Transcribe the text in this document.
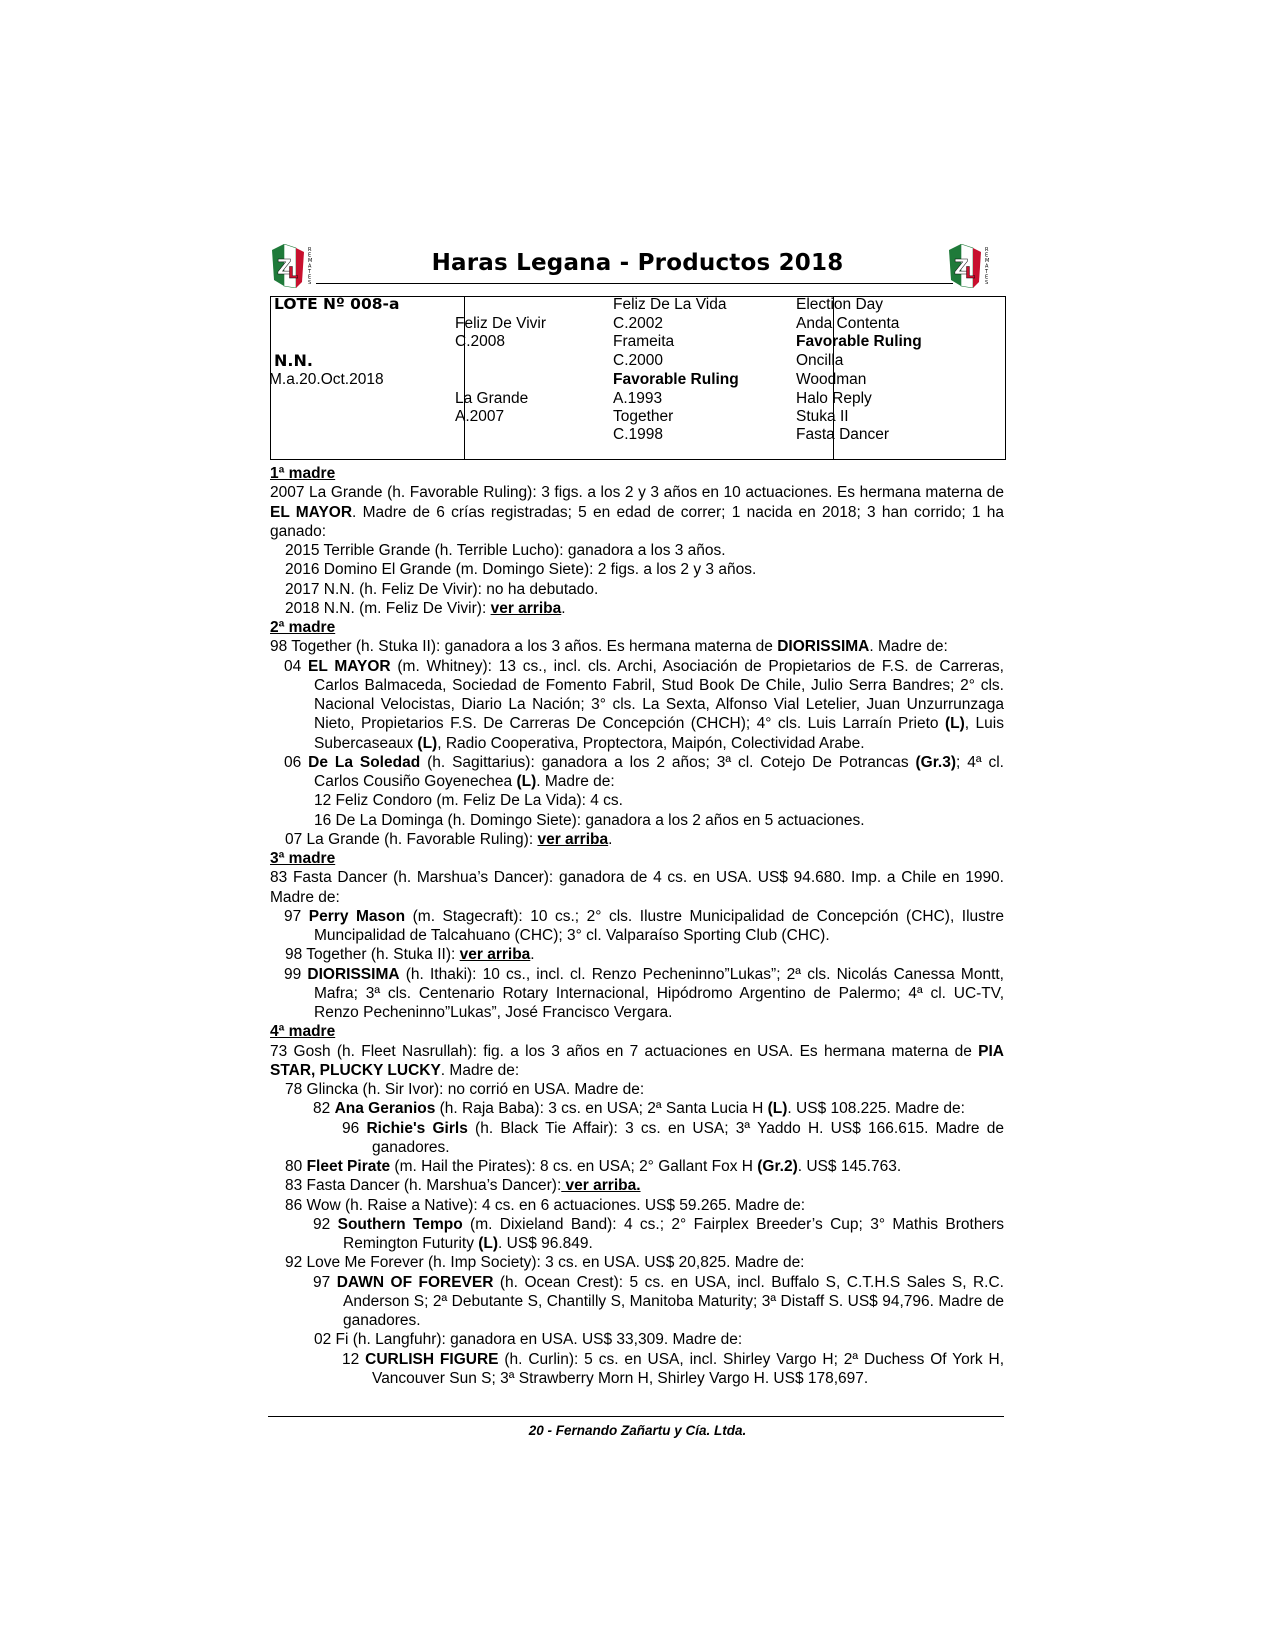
Z
L
R
E
M
A
T
E
S
Z
L
R
E
M
A
T
E
S
Haras Legana - Productos 2018
LOTE Nº 008-a
N.N.
M.a.20.Oct.2018
Feliz De Vivir
C.2008
La Grande
A.2007
Feliz De La Vida
C.2002
Frameita
C.2000
Favorable Ruling
A.1993
Together
C.1998
Election Day
Anda Contenta
Favorable Ruling
Oncilla
Woodman
Halo Reply
Stuka II
Fasta Dancer

1ª madre

2007 La Grande (h. Favorable Ruling): 3 figs. a los 2 y 3 años en 10 actuaciones. Es hermana materna de EL MAYOR. Madre de 6 crías registradas; 5 en edad de correr; 1 nacida en 2018; 3 han corrido; 1 ha ganado:

2015 Terrible Grande (h. Terrible Lucho): ganadora a los 3 años.

2016 Domino El Grande (m. Domingo Siete): 2 figs. a los 2 y 3 años.

2017 N.N. (h. Feliz De Vivir): no ha debutado.

2018 N.N. (m. Feliz De Vivir): ver arriba.

2ª madre

98 Together (h. Stuka II): ganadora a los 3 años. Es hermana materna de DIORISSIMA. Madre de:

04 EL MAYOR (m. Whitney): 13 cs., incl. cls. Archi, Asociación de Propietarios de F.S. de Carreras, Carlos Balmaceda, Sociedad de Fomento Fabril, Stud Book De Chile, Julio Serra Bandres; 2° cls. Nacional Velocistas, Diario La Nación; 3° cls. La Sexta, Alfonso Vial Letelier, Juan Unzurrunzaga Nieto, Propietarios F.S. De Carreras De Concepción (CHCH); 4° cls. Luis Larraín Prieto (L), Luis Subercaseaux (L), Radio Cooperativa, Proptectora, Maipón, Colectividad Arabe.

06 De La Soledad (h. Sagittarius): ganadora a los 2 años; 3ª cl. Cotejo De Potrancas (Gr.3); 4ª cl. Carlos Cousiño Goyenechea (L). Madre de:

12 Feliz Condoro (m. Feliz De La Vida): 4 cs.

16 De La Dominga (h. Domingo Siete): ganadora a los 2 años en 5 actuaciones.

07 La Grande (h. Favorable Ruling): ver arriba.

3ª madre

83 Fasta Dancer (h. Marshua’s Dancer): ganadora de 4 cs. en USA. US$ 94.680. Imp. a Chile en 1990. Madre de:

97 Perry Mason (m. Stagecraft): 10 cs.; 2° cls. Ilustre Municipalidad de Concepción (CHC), Ilustre Muncipalidad de Talcahuano (CHC); 3° cl. Valparaíso Sporting Club (CHC).

98 Together (h. Stuka II): ver arriba.

99 DIORISSIMA (h. Ithaki): 10 cs., incl. cl. Renzo Pecheninno”Lukas”; 2ª cls. Nicolás Canessa Montt, Mafra; 3ª cls. Centenario Rotary Internacional, Hipódromo Argentino de Palermo; 4ª cl. UC-TV, Renzo Pecheninno”Lukas”, José Francisco Vergara.

4ª madre

73 Gosh (h. Fleet Nasrullah): fig. a los 3 años en 7 actuaciones en USA. Es hermana materna de PIA STAR, PLUCKY LUCKY. Madre de:

78 Glincka (h. Sir Ivor): no corrió en USA. Madre de:

82 Ana Geranios (h. Raja Baba): 3 cs. en USA; 2ª Santa Lucia H (L). US$ 108.225. Madre de:

96 Richie's Girls (h. Black Tie Affair): 3 cs. en USA; 3ª Yaddo H. US$ 166.615. Madre de ganadores.

80 Fleet Pirate (m. Hail the Pirates): 8 cs. en USA; 2° Gallant Fox H (Gr.2). US$ 145.763.

83 Fasta Dancer (h. Marshua’s Dancer): ver arriba.

86 Wow (h. Raise a Native): 4 cs. en 6 actuaciones. US$ 59.265. Madre de:

92 Southern Tempo (m. Dixieland Band): 4 cs.; 2° Fairplex Breeder’s Cup; 3° Mathis Brothers Remington Futurity (L). US$ 96.849.

92 Love Me Forever (h. Imp Society): 3 cs. en USA. US$ 20,825. Madre de:

97 DAWN OF FOREVER (h. Ocean Crest): 5 cs. en USA, incl. Buffalo S, C.T.H.S Sales S, R.C. Anderson S; 2ª Debutante S, Chantilly S, Manitoba Maturity; 3ª Distaff S. US$ 94,796. Madre de ganadores.

02 Fi (h. Langfuhr): ganadora en USA. US$ 33,309. Madre de:

12 CURLISH FIGURE (h. Curlin): 5 cs. en USA, incl. Shirley Vargo H; 2ª Duchess Of York H, Vancouver Sun S; 3ª Strawberry Morn H, Shirley Vargo H. US$ 178,697.

20 - Fernando Zañartu y Cía. Ltda.
